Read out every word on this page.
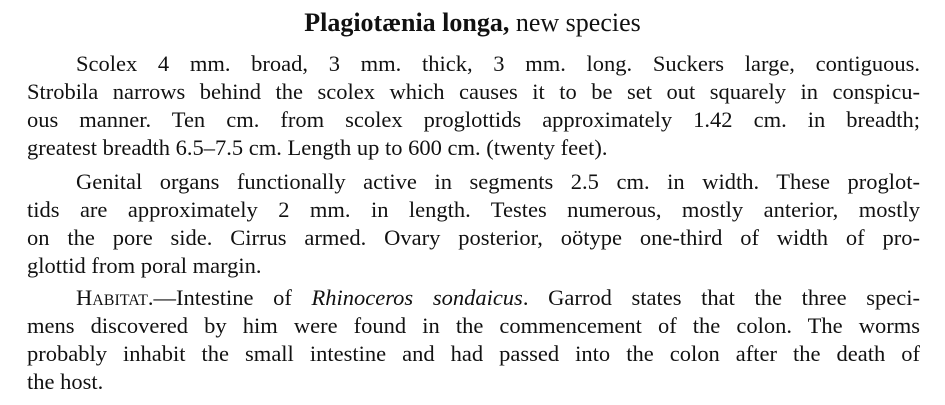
Plagiotænia longa, new species
Scolex 4 mm. broad, 3 mm. thick, 3 mm. long. Suckers large, contiguous.
Strobila narrows behind the scolex which causes it to be set out squarely in conspicu-
ous manner. Ten cm. from scolex proglottids approximately 1.42 cm. in breadth;
greatest breadth 6.5–7.5 cm. Length up to 600 cm. (twenty feet).
Genital organs functionally active in segments 2.5 cm. in width. These proglot-
tids are approximately 2 mm. in length. Testes numerous, mostly anterior, mostly
on the pore side. Cirrus armed. Ovary posterior, oötype one-third of width of pro-
glottid from poral margin.
Habitat.—Intestine of Rhinoceros sondaicus. Garrod states that the three speci-
mens discovered by him were found in the commencement of the colon. The worms
probably inhabit the small intestine and had passed into the colon after the death of
the host.
